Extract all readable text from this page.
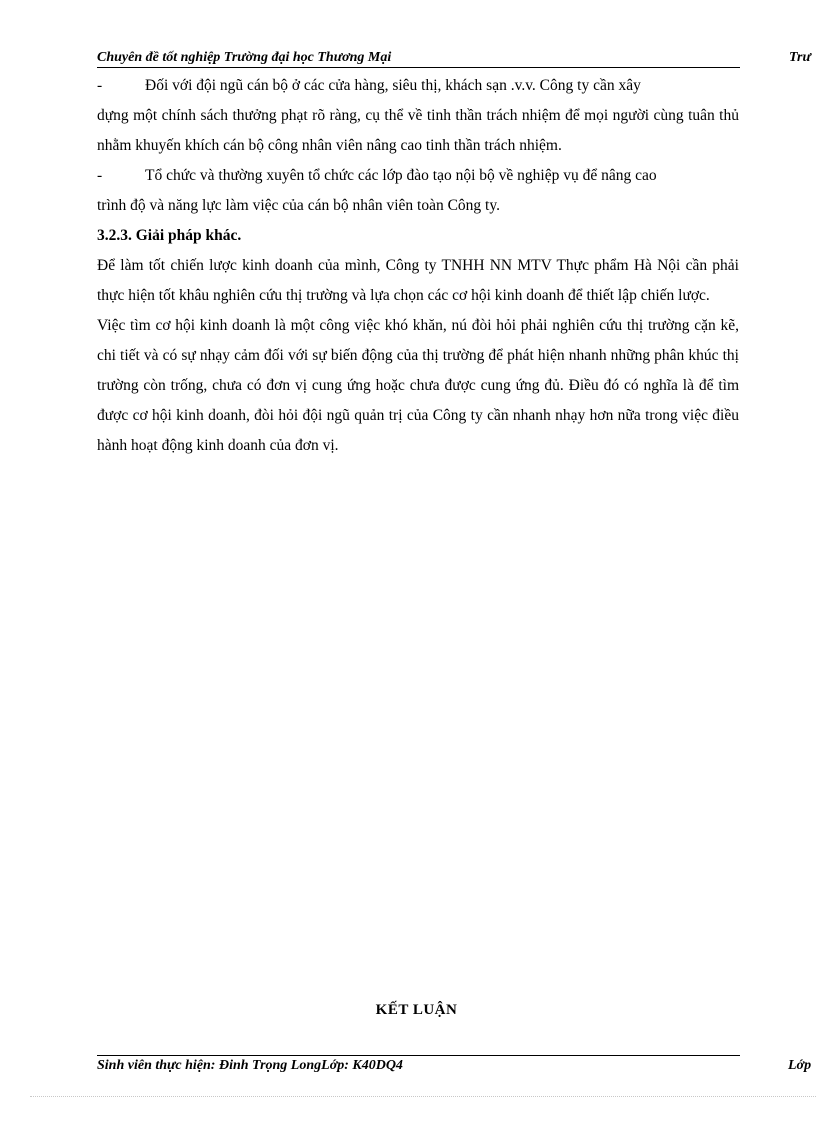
Chuyên đề tốt nghiệp Trường đại học Thương Mại	Trư

-	Đối với đội ngũ cán bộ ở các cửa hàng, siêu thị, khách sạn .v.v. Công ty cần xây
dựng một chính sách thưởng phạt rõ ràng, cụ thể về tinh thần trách nhiệm để mọi người cùng tuân thủ nhằm khuyến khích cán bộ công nhân viên nâng cao tinh thần trách nhiệm.

-	Tổ chức và thường xuyên tổ chức các lớp đào tạo nội bộ về nghiệp vụ để nâng cao
trình độ và năng lực làm việc của cán bộ nhân viên toàn Công ty.

3.2.3. Giải pháp khác.

Để làm tốt chiến lược kinh doanh của mình, Công ty TNHH NN MTV Thực phẩm Hà Nội cần phải thực hiện tốt khâu nghiên cứu thị trường và lựa chọn các cơ hội kinh doanh để thiết lập chiến lược.

Việc tìm cơ hội kinh doanh là một công việc khó khăn, nú đòi hỏi phải nghiên cứu thị trường cặn kẽ, chi tiết và có sự nhạy cảm đối với sự biến động của thị trường để phát hiện nhanh những phân khúc thị trường còn trống, chưa có đơn vị cung ứng hoặc chưa được cung ứng đủ. Điều đó có nghĩa là để tìm được cơ hội kinh doanh, đòi hỏi đội ngũ quản trị của Công ty cần nhanh nhạy hơn nữa trong việc điều hành hoạt động kinh doanh của đơn vị.

KẾT LUẬN
Sinh viên thực hiện: Đinh Trọng LongLớp: K40DQ4	Lớp
